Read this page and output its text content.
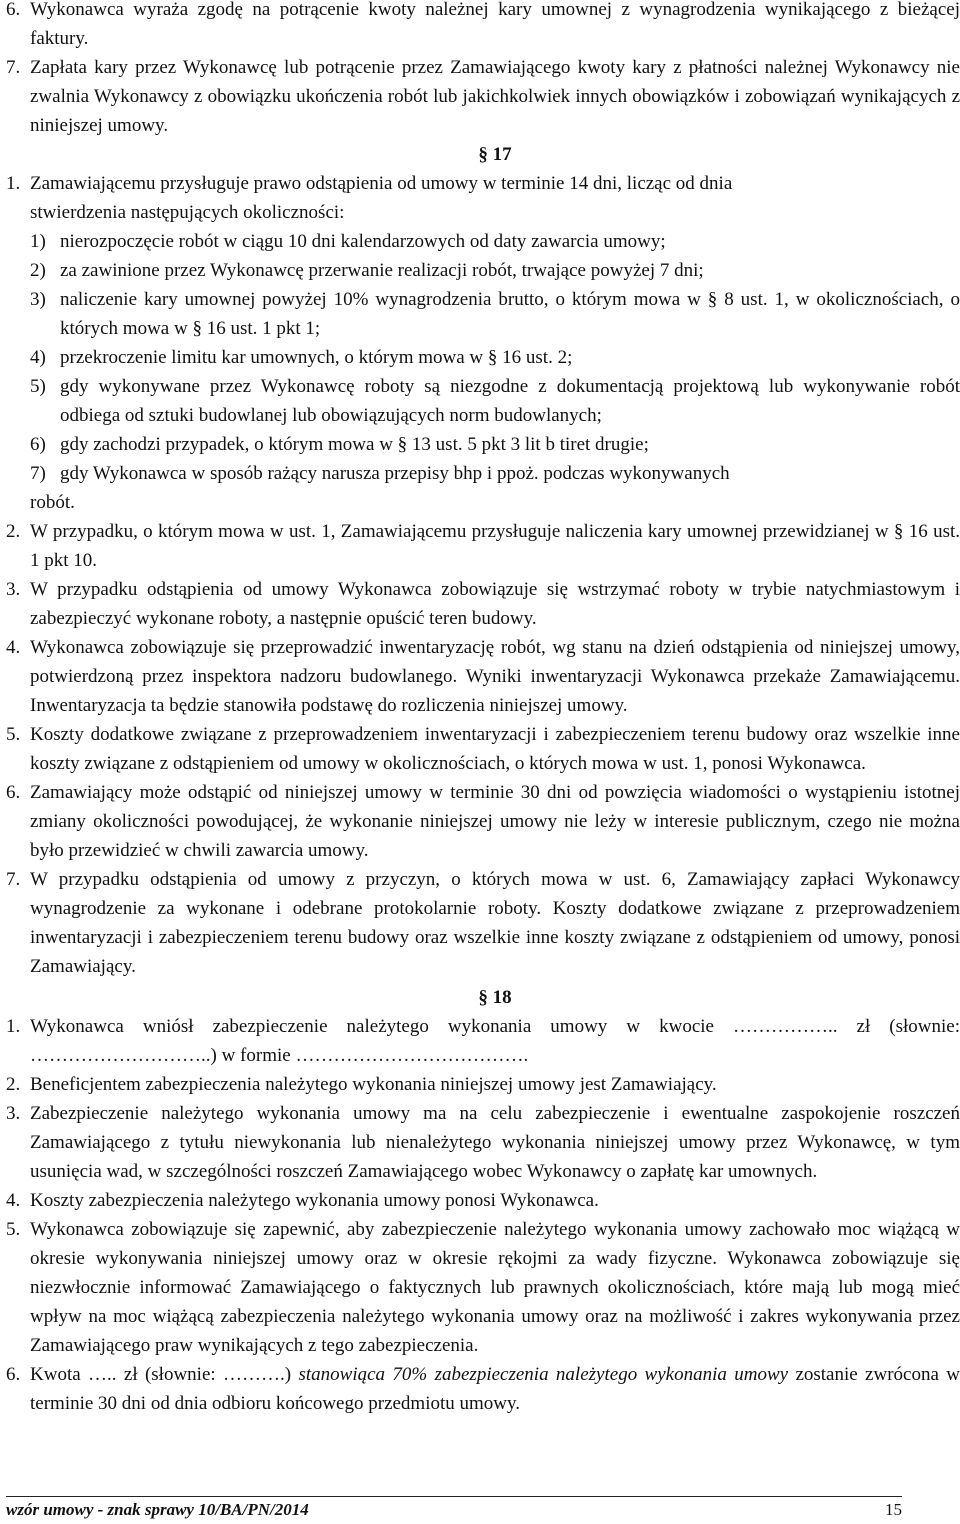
6. Wykonawca wyraża zgodę na potrącenie kwoty należnej kary umownej z wynagrodzenia wynikającego z bieżącej faktury.
7. Zapłata kary przez Wykonawcę lub potrącenie przez Zamawiającego kwoty kary z płatności należnej Wykonawcy nie zwalnia Wykonawcy z obowiązku ukończenia robót lub jakichkolwiek innych obowiązków i zobowiązań wynikających z niniejszej umowy.
§ 17
1. Zamawiającemu przysługuje prawo odstąpienia od umowy w terminie 14 dni, licząc od dnia
stwierdzenia następujących okoliczności:
1) nierozpoczęcie robót w ciągu 10 dni kalendarzowych od daty zawarcia umowy;
2) za zawinione przez Wykonawcę przerwanie realizacji robót, trwające powyżej 7 dni;
3) naliczenie kary umownej powyżej 10% wynagrodzenia brutto, o którym mowa w § 8 ust. 1, w okolicznościach, o których mowa w § 16 ust. 1 pkt 1;
4) przekroczenie limitu kar umownych, o którym mowa w § 16 ust. 2;
5) gdy wykonywane przez Wykonawcę roboty są niezgodne z dokumentacją projektową lub wykonywanie robót odbiega od sztuki budowlanej lub obowiązujących norm budowlanych;
6) gdy zachodzi przypadek, o którym mowa w § 13 ust. 5 pkt 3 lit b tiret drugie;
7) gdy Wykonawca w sposób rażący narusza przepisy bhp i ppoż. podczas wykonywanych
robót.
2. W przypadku, o którym mowa w ust. 1, Zamawiającemu przysługuje naliczenia kary umownej przewidzianej w § 16 ust. 1 pkt 10.
3. W przypadku odstąpienia od umowy Wykonawca zobowiązuje się wstrzymać roboty w trybie natychmiastowym i zabezpieczyć wykonane roboty, a następnie opuścić teren budowy.
4. Wykonawca zobowiązuje się przeprowadzić inwentaryzację robót, wg stanu na dzień odstąpienia od niniejszej umowy, potwierdzoną przez inspektora nadzoru budowlanego. Wyniki inwentaryzacji Wykonawca przekaże Zamawiającemu. Inwentaryzacja ta będzie stanowiła podstawę do rozliczenia niniejszej umowy.
5. Koszty dodatkowe związane z przeprowadzeniem inwentaryzacji i zabezpieczeniem terenu budowy oraz wszelkie inne koszty związane z odstąpieniem od umowy w okolicznościach, o których mowa w ust. 1, ponosi Wykonawca.
6. Zamawiający może odstąpić od niniejszej umowy w terminie 30 dni od powzięcia wiadomości o wystąpieniu istotnej zmiany okoliczności powodującej, że wykonanie niniejszej umowy nie leży w interesie publicznym, czego nie można było przewidzieć w chwili zawarcia umowy.
7. W przypadku odstąpienia od umowy z przyczyn, o których mowa w ust. 6, Zamawiający zapłaci Wykonawcy wynagrodzenie za wykonane i odebrane protokolarnie roboty. Koszty dodatkowe związane z przeprowadzeniem inwentaryzacji i zabezpieczeniem terenu budowy oraz wszelkie inne koszty związane z odstąpieniem od umowy, ponosi Zamawiający.
§ 18
1. Wykonawca wniósł zabezpieczenie należytego wykonania umowy w kwocie …………….. zł (słownie: ………………………..) w formie ……………………………….
2. Beneficjentem zabezpieczenia należytego wykonania niniejszej umowy jest Zamawiający.
3. Zabezpieczenie należytego wykonania umowy ma na celu zabezpieczenie i ewentualne zaspokojenie roszczeń Zamawiającego z tytułu niewykonania lub nienależytego wykonania niniejszej umowy przez Wykonawcę, w tym usunięcia wad, w szczególności roszczeń Zamawiającego wobec Wykonawcy o zapłatę kar umownych.
4. Koszty zabezpieczenia należytego wykonania umowy ponosi Wykonawca.
5. Wykonawca zobowiązuje się zapewnić, aby zabezpieczenie należytego wykonania umowy zachowało moc wiążącą w okresie wykonywania niniejszej umowy oraz w okresie rękojmi za wady fizyczne. Wykonawca zobowiązuje się niezwłocznie informować Zamawiającego o faktycznych lub prawnych okolicznościach, które mają lub mogą mieć wpływ na moc wiążącą zabezpieczenia należytego wykonania umowy oraz na możliwość i zakres wykonywania przez Zamawiającego praw wynikających z tego zabezpieczenia.
6. Kwota ….. zł (słownie: ……….) stanowiąca 70% zabezpieczenia należytego wykonania umowy zostanie zwrócona w terminie 30 dni od dnia odbioru końcowego przedmiotu umowy.
wzór umowy - znak sprawy 10/BA/PN/2014	15
